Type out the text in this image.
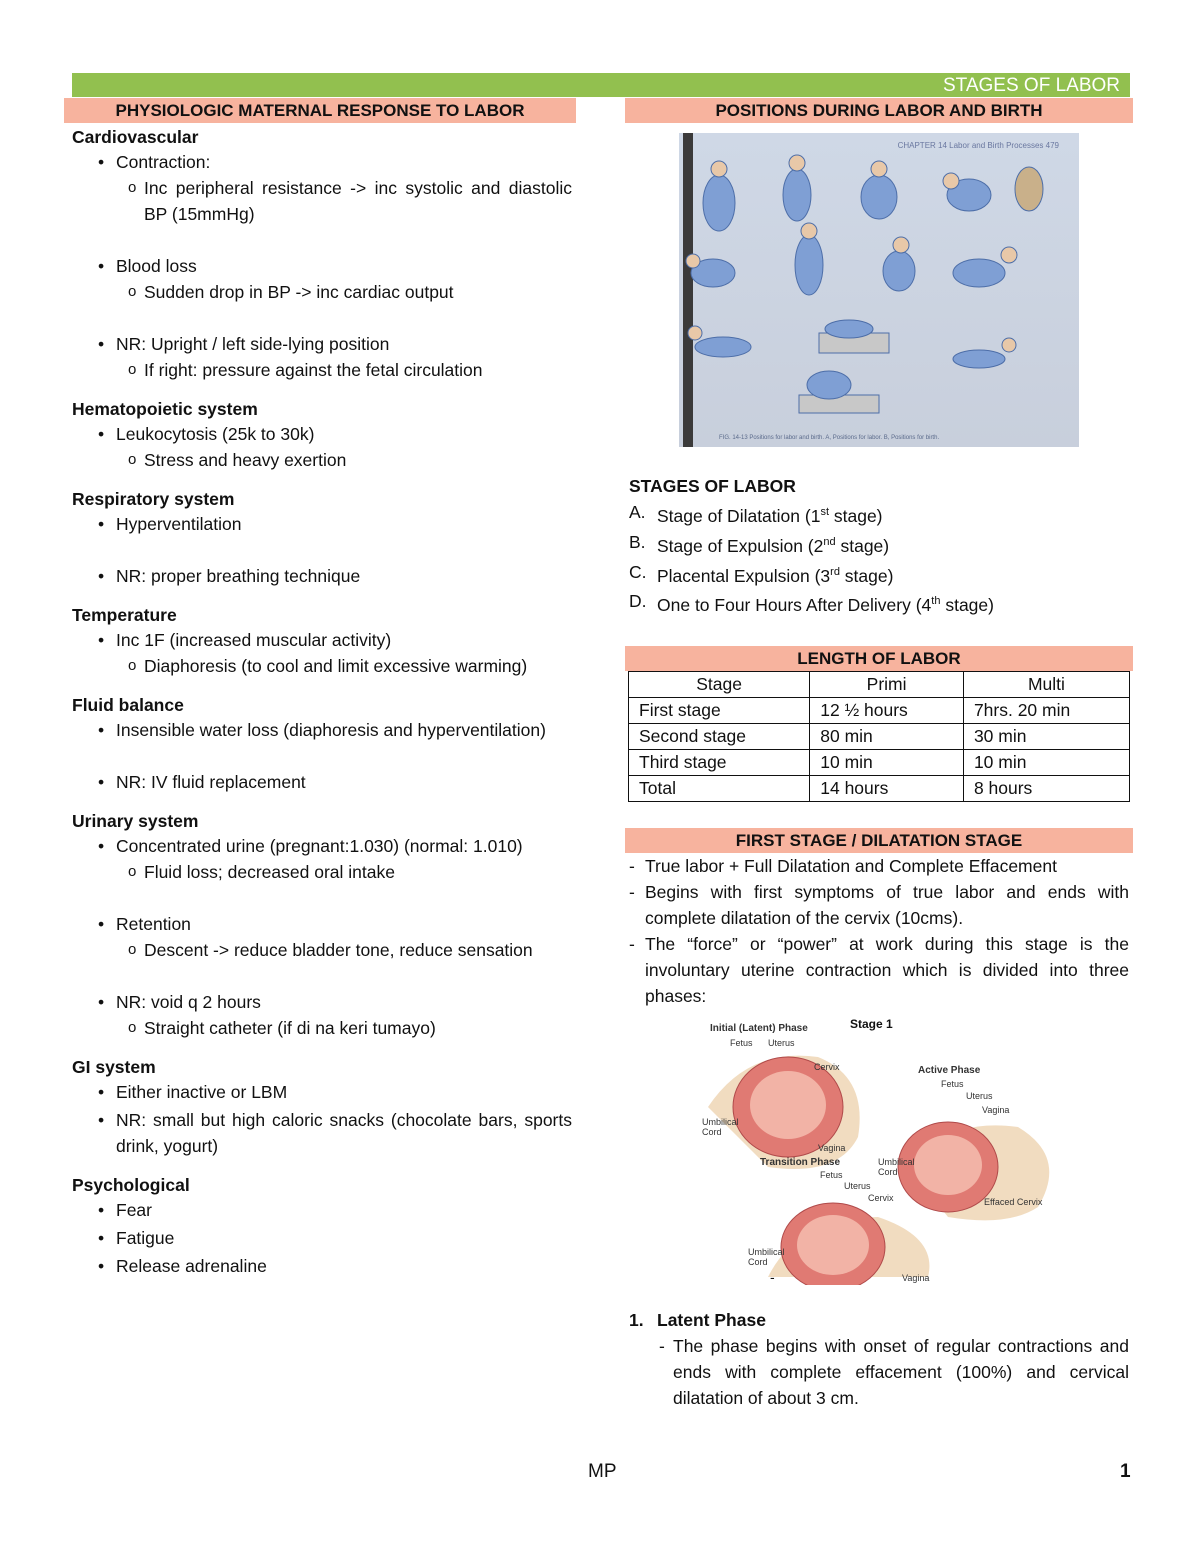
STAGES OF LABOR
PHYSIOLOGIC MATERNAL RESPONSE TO LABOR
Cardiovascular
• Contraction:
o Inc peripheral resistance -> inc systolic and diastolic BP (15mmHg)
• Blood loss
o Sudden drop in BP -> inc cardiac output
• NR: Upright / left side-lying position
o If right: pressure against the fetal circulation
Hematopoietic system
• Leukocytosis (25k to 30k)
o Stress and heavy exertion
Respiratory system
• Hyperventilation
• NR: proper breathing technique
Temperature
• Inc 1F (increased muscular activity)
o Diaphoresis (to cool and limit excessive warming)
Fluid balance
• Insensible water loss (diaphoresis and hyperventilation)
• NR: IV fluid replacement
Urinary system
• Concentrated urine (pregnant:1.030) (normal: 1.010)
o Fluid loss; decreased oral intake
• Retention
o Descent -> reduce bladder tone, reduce sensation
• NR: void q 2 hours
o Straight catheter (if di na keri tumayo)
GI system
• Either inactive or LBM
• NR: small but high caloric snacks (chocolate bars, sports drink, yogurt)
Psychological
• Fear
• Fatigue
• Release adrenaline
POSITIONS DURING LABOR AND BIRTH
CHAPTER 14 Labor and Birth Processes 479
FIG. 14-13 Positions for labor and birth. A, Positions for labor. B, Positions for birth.
STAGES OF LABOR
A. Stage of Dilatation (1st stage)
B. Stage of Expulsion (2nd stage)
C. Placental Expulsion (3rd stage)
D. One to Four Hours After Delivery (4th stage)
LENGTH OF LABOR
Stage	Primi	Multi
First stage	12 ½ hours	7hrs. 20 min
Second stage	80 min	30 min
Third stage	10 min	10 min
Total	14 hours	8 hours
FIRST STAGE / DILATATION STAGE
- True labor + Full Dilatation and Complete Effacement
- Begins with first symptoms of true labor and ends with complete dilatation of the cervix (10cms).
- The “force” or “power” at work during this stage is the involuntary uterine contraction which is divided into three phases:
Stage 1
Initial (Latent) Phase
Fetus Uterus
Cervix
Umbilical Cord
Vagina
Active Phase
Fetus
Uterus
Vagina
Umbilical Cord
Effaced Cervix
Transition Phase
Fetus
Uterus
Cervix
Umbilical Cord
Vagina
-
1. Latent Phase
- The phase begins with onset of regular contractions and ends with complete effacement (100%) and cervical dilatation of about 3 cm.
MP	1
